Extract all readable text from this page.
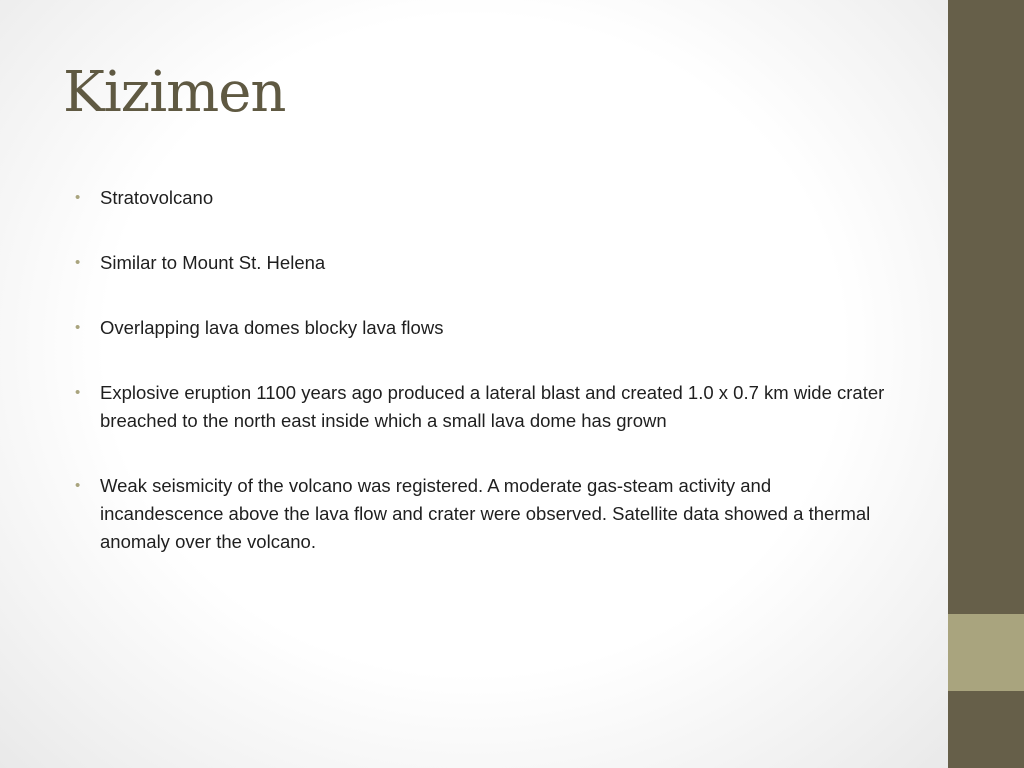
Kizimen
• Stratovolcano
• Similar to Mount St. Helena
• Overlapping lava domes blocky lava flows
• Explosive eruption 1100 years ago produced a lateral blast and created 1.0 x 0.7 km wide crater breached to the north east inside which a small lava dome has grown
• Weak seismicity of the volcano was registered. A moderate gas-steam activity and incandescence above the lava flow and crater were observed. Satellite data showed a thermal anomaly over the volcano.
